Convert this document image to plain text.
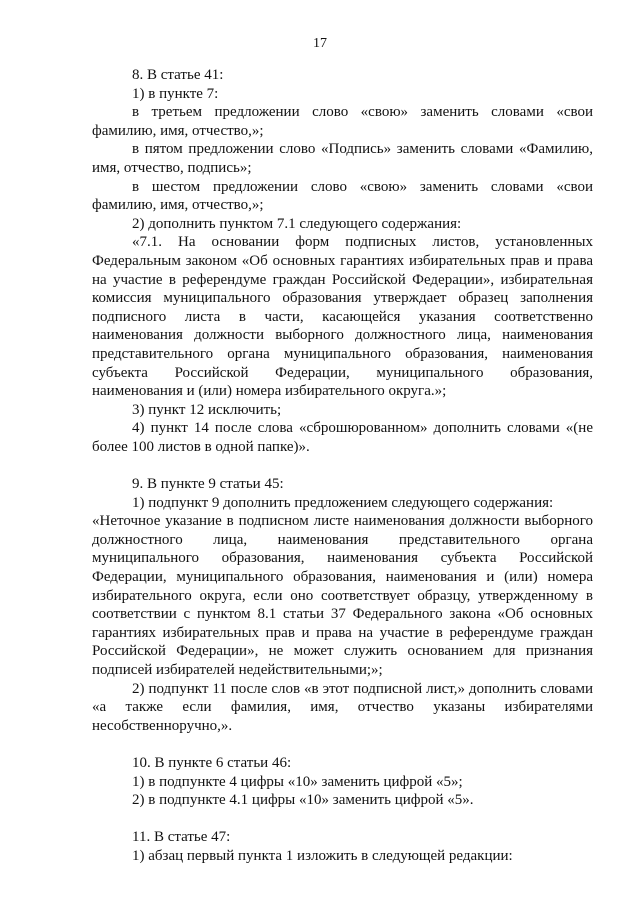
17

8. В статье 41:

1) в пункте 7:

в третьем предложении слово «свою» заменить словами «свои фамилию, имя, отчество,»;

в пятом предложении слово «Подпись» заменить словами «Фамилию, имя, отчество, подпись»;

в шестом предложении слово «свою» заменить словами «свои фамилию, имя, отчество,»;

2) дополнить пунктом 7.1 следующего содержания:

«7.1. На основании форм подписных листов, установленных Федеральным законом «Об основных гарантиях избирательных прав и права на участие в референдуме граждан Российской Федерации», избирательная комиссия муниципального образования утверждает образец заполнения подписного листа в части, касающейся указания соответственно наименования должности выборного должностного лица, наименования представительного органа муниципального образования, наименования субъекта Российской Федерации, муниципального образования, наименования и (или) номера избирательного округа.»;

3) пункт 12 исключить;

4) пункт 14 после слова «сброшюрованном» дополнить словами «(не более 100 листов в одной папке)».

9. В пункте 9 статьи 45:

1) подпункт 9 дополнить предложением следующего содержания:

«Неточное указание в подписном листе наименования должности выборного должностного лица, наименования представительного органа муниципального образования, наименования субъекта Российской Федерации, муниципального образования, наименования и (или) номера избирательного округа, если оно соответствует образцу, утвержденному в соответствии с пунктом 8.1 статьи 37 Федерального закона «Об основных гарантиях избирательных прав и права на участие в референдуме граждан Российской Федерации», не может служить основанием для признания подписей избирателей недействительными;»;

2) подпункт 11 после слов «в этот подписной лист,» дополнить словами «а также если фамилия, имя, отчество указаны избирателями несобственноручно,».

10. В пункте 6 статьи 46:

1) в подпункте 4 цифры «10» заменить цифрой «5»;

2) в подпункте 4.1 цифры «10» заменить цифрой «5».

11. В статье 47:

1) абзац первый пункта 1 изложить в следующей редакции:
